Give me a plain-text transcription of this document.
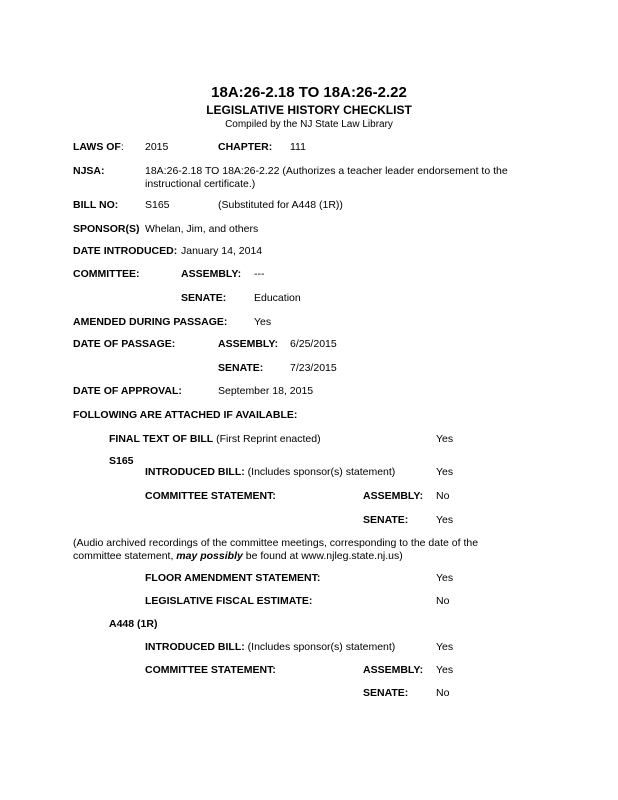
18A:26-2.18 TO 18A:26-2.22
LEGISLATIVE HISTORY CHECKLIST
Compiled by the NJ State Law Library
LAWS OF: 2015	CHAPTER: 111
NJSA:	18A:26-2.18 TO 18A:26-2.22 (Authorizes a teacher leader endorsement to the instructional certificate.)
BILL NO:	S165	(Substituted for A448 (1R))
SPONSOR(S) Whelan, Jim, and others
DATE INTRODUCED: January 14, 2014
COMMITTEE:	ASSEMBLY: ---
SENATE:	Education
AMENDED DURING PASSAGE:	Yes
DATE OF PASSAGE:	ASSEMBLY: 6/25/2015
SENATE:	7/23/2015
DATE OF APPROVAL:	September 18, 2015
FOLLOWING ARE ATTACHED IF AVAILABLE:
FINAL TEXT OF BILL (First Reprint enacted)	Yes
S165
INTRODUCED BILL: (Includes sponsor(s) statement)	Yes
COMMITTEE STATEMENT:	ASSEMBLY: No
SENATE:	Yes
(Audio archived recordings of the committee meetings, corresponding to the date of the committee statement, may possibly be found at www.njleg.state.nj.us)
FLOOR AMENDMENT STATEMENT:	Yes
LEGISLATIVE FISCAL ESTIMATE:	No
A448 (1R)
INTRODUCED BILL: (Includes sponsor(s) statement)	Yes
COMMITTEE STATEMENT:	ASSEMBLY: Yes
SENATE:	No
